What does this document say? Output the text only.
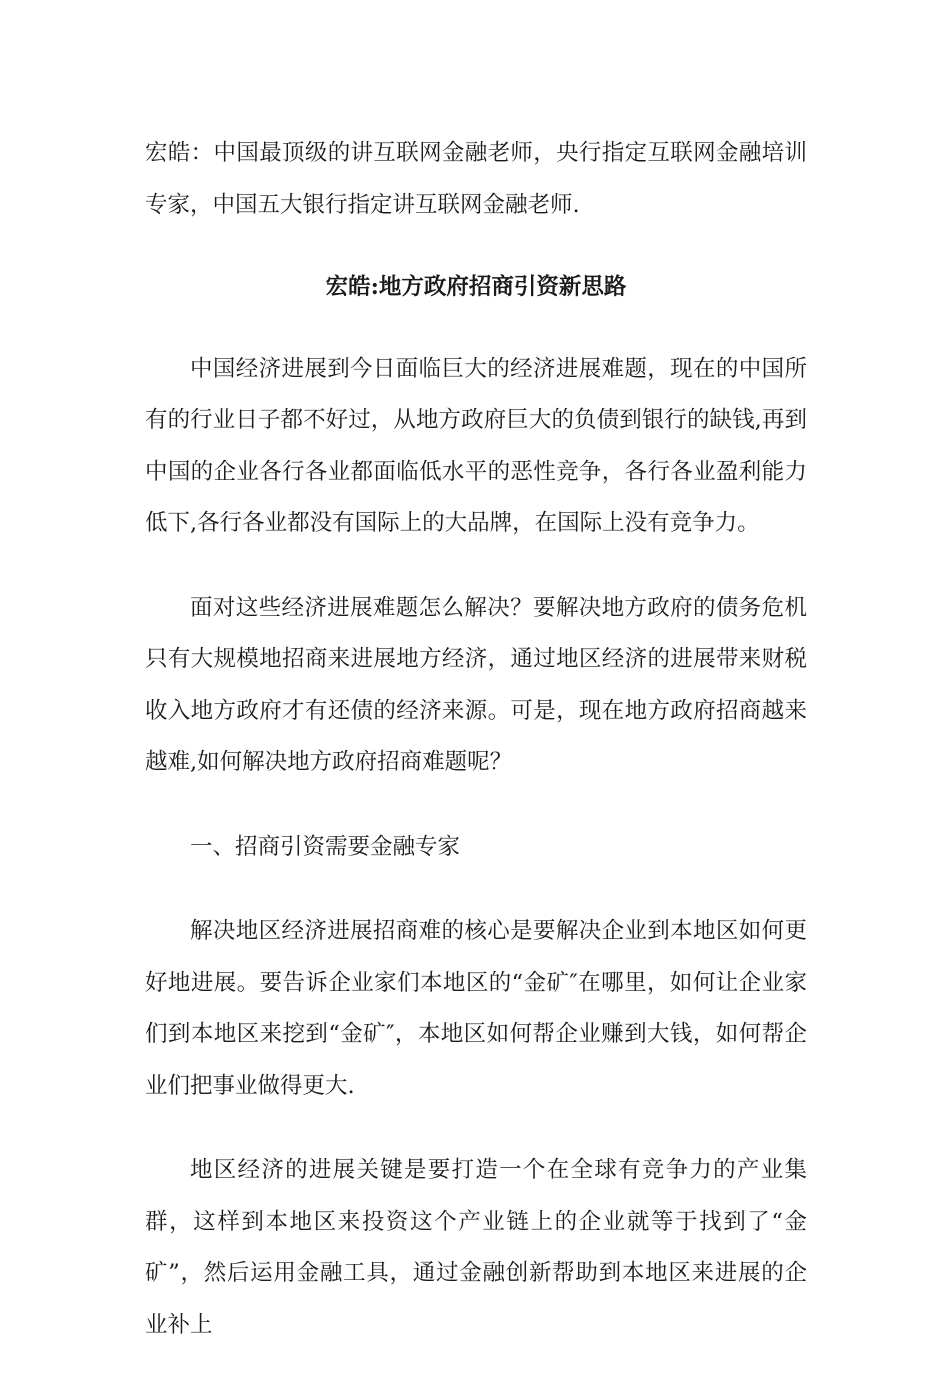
宏皓：中国最顶级的讲互联网金融老师，央行指定互联网金融培训专家，中国五大银行指定讲互联网金融老师.

宏皓:地方政府招商引资新思路

中国经济进展到今日面临巨大的经济进展难题，现在的中国所有的行业日子都不好过，从地方政府巨大的负债到银行的缺钱,再到中国的企业各行各业都面临低水平的恶性竞争，各行各业盈利能力低下,各行各业都没有国际上的大品牌，在国际上没有竞争力。

面对这些经济进展难题怎么解决？要解决地方政府的债务危机只有大规模地招商来进展地方经济，通过地区经济的进展带来财税收入地方政府才有还债的经济来源。可是，现在地方政府招商越来越难,如何解决地方政府招商难题呢？

一、招商引资需要金融专家

解决地区经济进展招商难的核心是要解决企业到本地区如何更好地进展。要告诉企业家们本地区的“金矿″在哪里，如何让企业家们到本地区来挖到“金矿″，本地区如何帮企业赚到大钱，如何帮企业们把事业做得更大.

地区经济的进展关键是要打造一个在全球有竞争力的产业集群，这样到本地区来投资这个产业链上的企业就等于找到了“金矿”，然后运用金融工具，通过金融创新帮助到本地区来进展的企业补上
